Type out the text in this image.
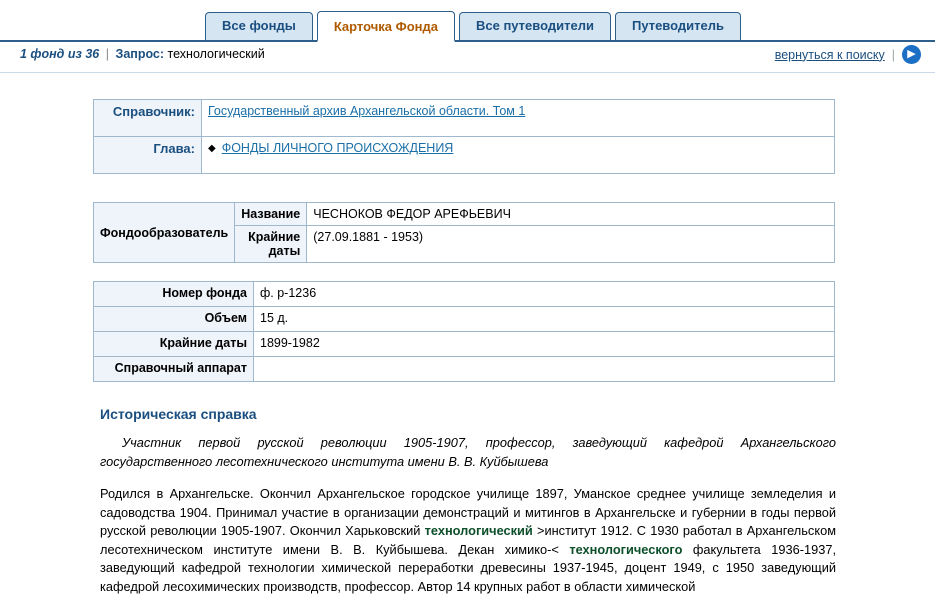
Все фонды	Карточка Фонда	Все путеводители	Путеводитель
1 фонд из 36 | Запрос: технологический	вернуться к поиску |	▶
Справочник:	Государственный архив Архангельской области. Том 1
Глава:	◆ ФОНДЫ ЛИЧНОГО ПРОИСХОЖДЕНИЯ
Фондообразователь	Название	ЧЕСНОКОВ ФЕДОР АРЕФЬЕВИЧ
	Крайние даты	(27.09.1881 - 1953)
Номер фонда	ф. р-1236
Объем	15 д.
Крайние даты	1899-1982
Справочный аппарат	
Историческая справка

Участник первой русской революции 1905-1907, профессор, заведующий кафедрой Архангельского государственного лесотехнического института имени В. В. Куйбышева

Родился в Архангельске. Окончил Архангельское городское училище 1897, Уманское среднее училище земледелия и садоводства 1904. Принимал участие в организации демонстраций и митингов в Архангельске и губернии в годы первой русской революции 1905-1907. Окончил Харьковский технологический >институт 1912. С 1930 работал в Архангельском лесотехническом институте имени В. В. Куйбышева. Декан химико-< технологического факультета 1936-1937, заведующий кафедрой технологии химической переработки древесины 1937-1945, доцент 1949, с 1950 заведующий кафедрой лесохимических производств, профессор. Автор 14 крупных работ в области химической
